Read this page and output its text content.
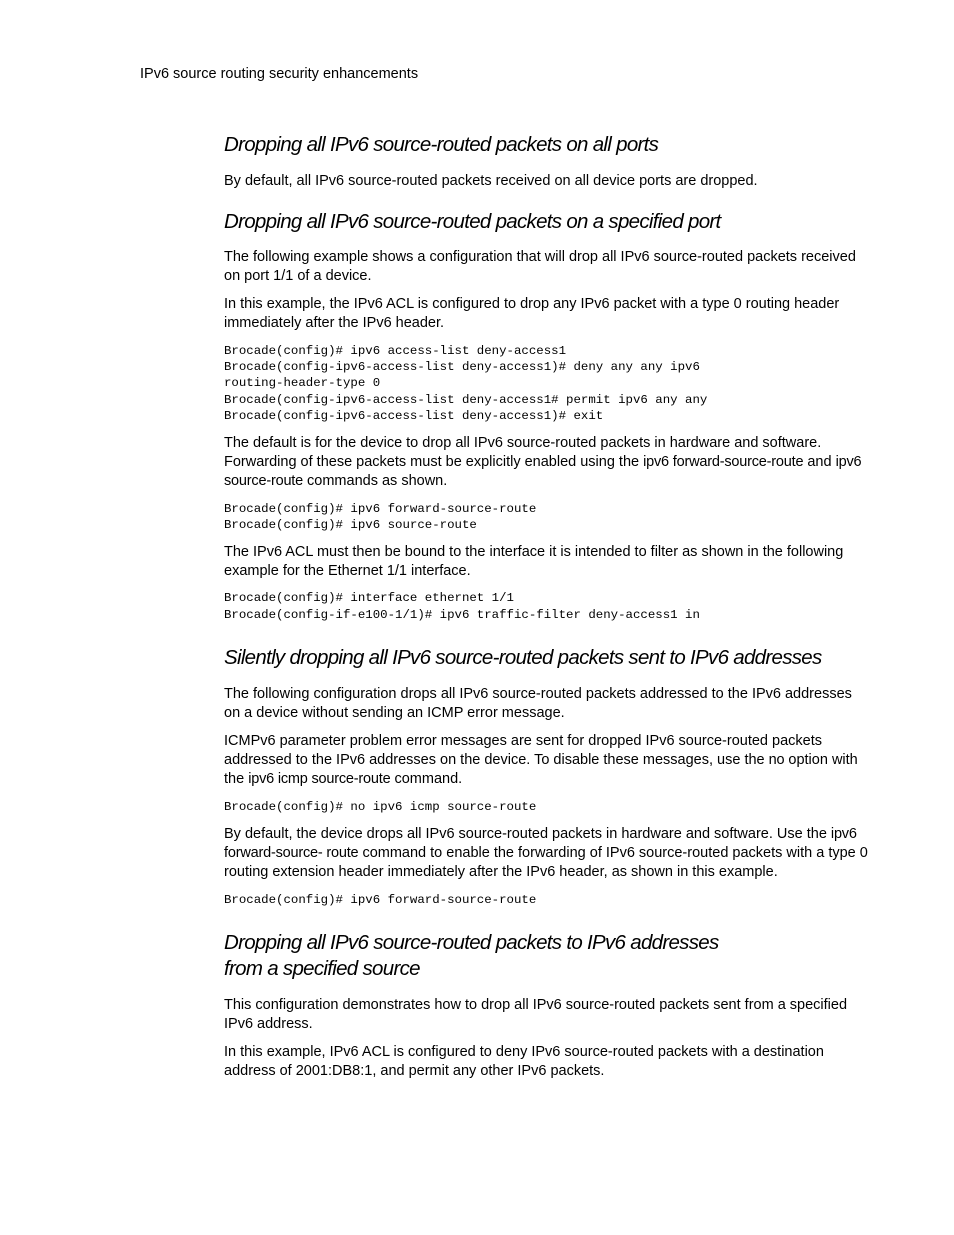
IPv6 source routing security enhancements
Dropping all IPv6 source-routed packets on all ports

By default, all IPv6 source-routed packets received on all device ports are dropped.

Dropping all IPv6 source-routed packets on a specified port

The following example shows a configuration that will drop all IPv6 source-routed packets received on port 1/1 of a device.

In this example, the IPv6 ACL is configured to drop any IPv6 packet with a type 0 routing header immediately after the IPv6 header.

Brocade(config)# ipv6 access-list deny-access1
Brocade(config-ipv6-access-list deny-access1)# deny any any ipv6
routing-header-type 0
Brocade(config-ipv6-access-list deny-access1# permit ipv6 any any
Brocade(config-ipv6-access-list deny-access1)# exit

The default is for the device to drop all IPv6 source-routed packets in hardware and software. Forwarding of these packets must be explicitly enabled using the ipv6 forward-source-route and ipv6 source-route commands as shown.

Brocade(config)# ipv6 forward-source-route
Brocade(config)# ipv6 source-route

The IPv6 ACL must then be bound to the interface it is intended to filter as shown in the following example for the Ethernet 1/1 interface.

Brocade(config)# interface ethernet 1/1
Brocade(config-if-e100-1/1)# ipv6 traffic-filter deny-access1 in
Silently dropping all IPv6 source-routed packets sent to IPv6 addresses

The following configuration drops all IPv6 source-routed packets addressed to the IPv6 addresses on a device without sending an ICMP error message.

ICMPv6 parameter problem error messages are sent for dropped IPv6 source-routed packets addressed to the IPv6 addresses on the device. To disable these messages, use the no option with the ipv6 icmp source-route command.

Brocade(config)# no ipv6 icmp source-route

By default, the device drops all IPv6 source-routed packets in hardware and software. Use the ipv6 forward-source- route command to enable the forwarding of IPv6 source-routed packets with a type 0 routing extension header immediately after the IPv6 header, as shown in this example.

Brocade(config)# ipv6 forward-source-route
Dropping all IPv6 source-routed packets to IPv6 addresses
from a specified source

This configuration demonstrates how to drop all IPv6 source-routed packets sent from a specified IPv6 address.

In this example, IPv6 ACL is configured to deny IPv6 source-routed packets with a destination address of 2001:DB8:1, and permit any other IPv6 packets.
